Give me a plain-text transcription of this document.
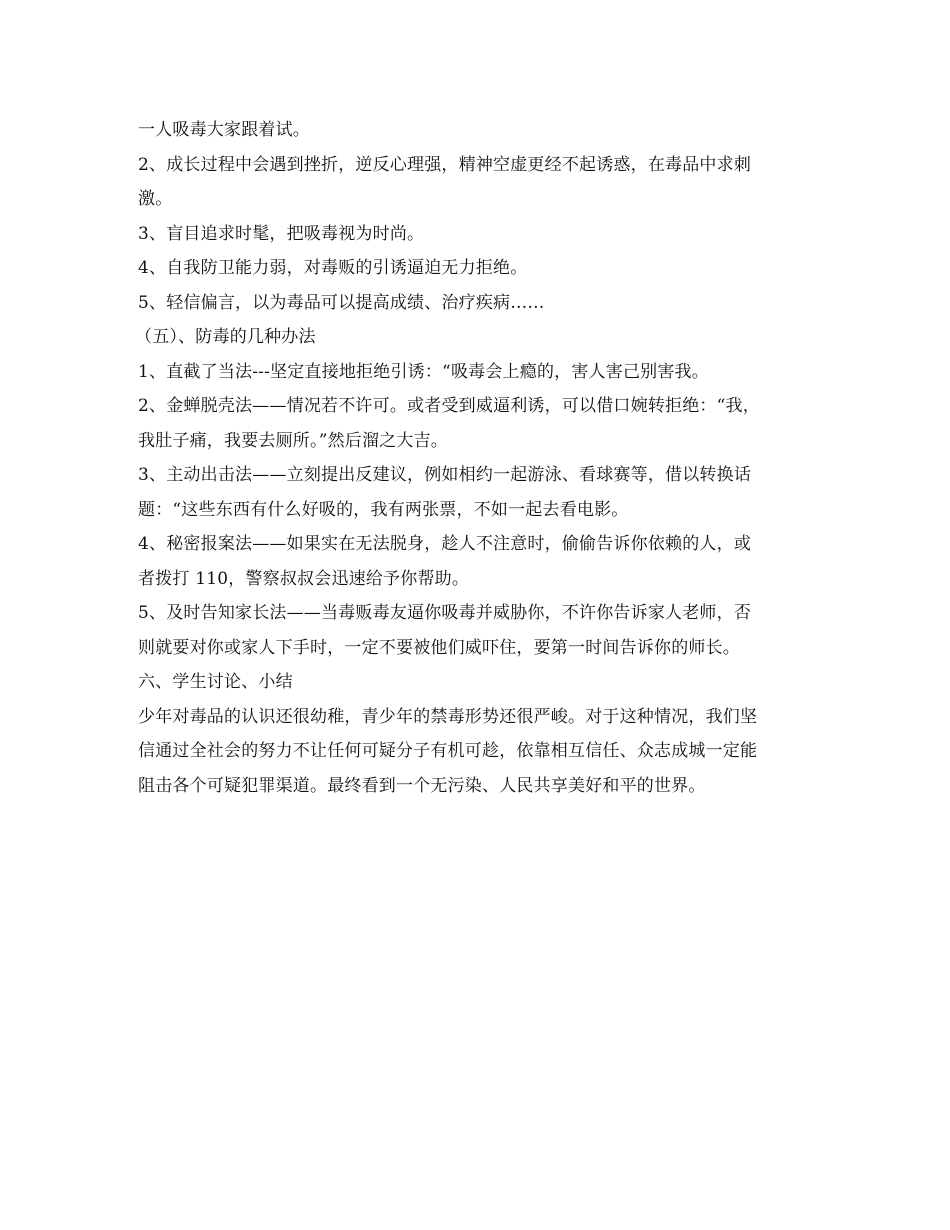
一人吸毒大家跟着试。
2、成长过程中会遇到挫折，逆反心理强，精神空虚更经不起诱惑，在毒品中求刺
激。
3、盲目追求时髦，把吸毒视为时尚。
4、自我防卫能力弱，对毒贩的引诱逼迫无力拒绝。
5、轻信偏言，以为毒品可以提高成绩、治疗疾病……
（五）、防毒的几种办法
1、直截了当法---坚定直接地拒绝引诱：“吸毒会上瘾的，害人害己别害我。
2、金蝉脱壳法——情况若不许可。或者受到威逼利诱，可以借口婉转拒绝：“我，
我肚子痛，我要去厕所。”然后溜之大吉。
3、主动出击法——立刻提出反建议，例如相约一起游泳、看球赛等，借以转换话
题：“这些东西有什么好吸的，我有两张票，不如一起去看电影。
4、秘密报案法——如果实在无法脱身，趁人不注意时，偷偷告诉你依赖的人，或
者拨打 110，警察叔叔会迅速给予你帮助。
5、及时告知家长法——当毒贩毒友逼你吸毒并威胁你，不许你告诉家人老师，否
则就要对你或家人下手时，一定不要被他们威吓住，要第一时间告诉你的师长。
六、学生讨论、小结
少年对毒品的认识还很幼稚，青少年的禁毒形势还很严峻。对于这种情况，我们坚
信通过全社会的努力不让任何可疑分子有机可趁，依靠相互信任、众志成城一定能
阻击各个可疑犯罪渠道。最终看到一个无污染、人民共享美好和平的世界。
